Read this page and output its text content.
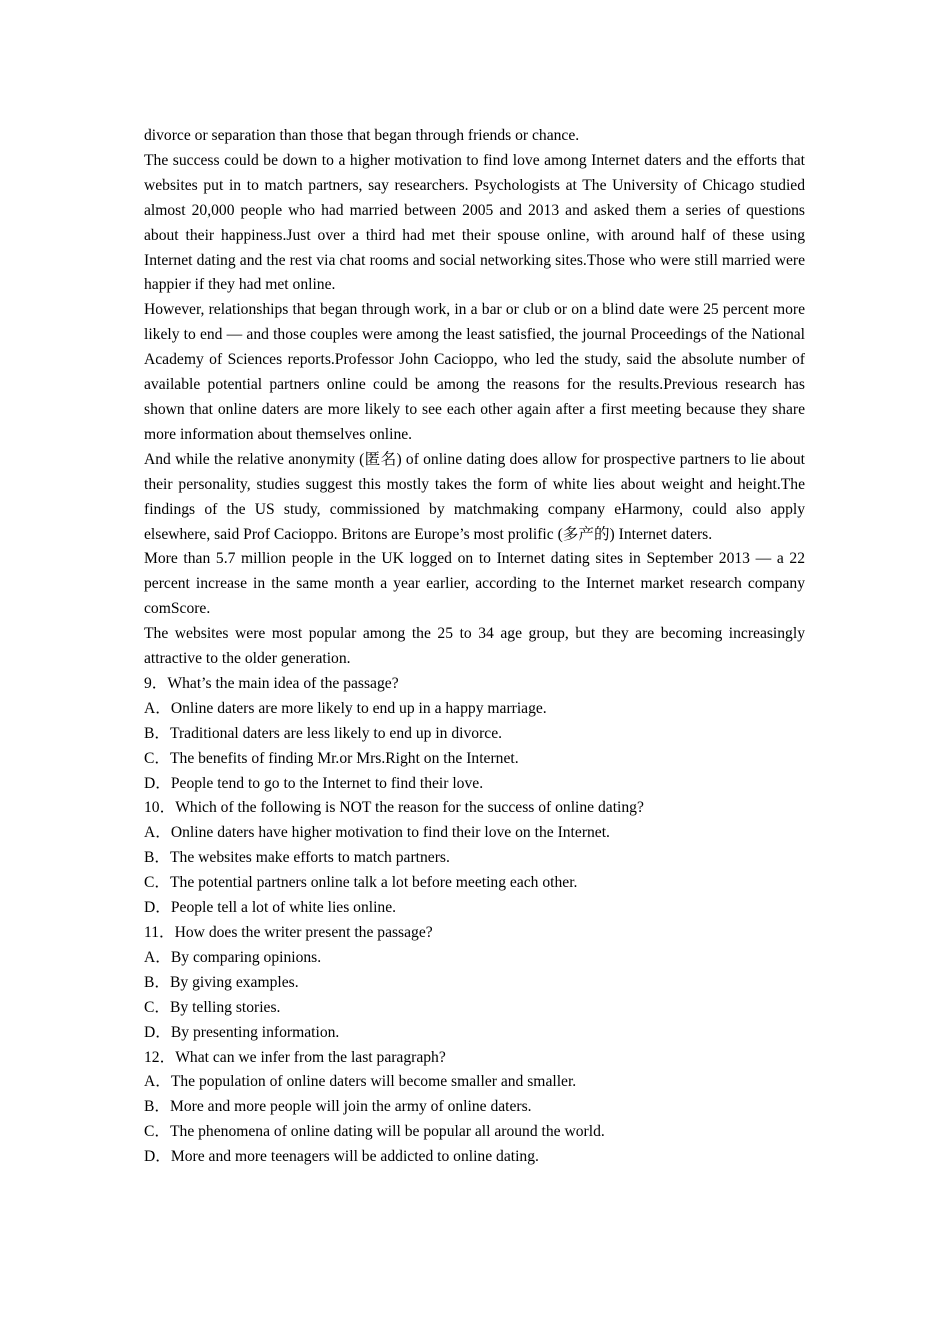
divorce or separation than those that began through friends or chance.

The success could be down to a higher motivation to find love among Internet daters and the efforts that websites put in to match partners, say researchers. Psychologists at The University of Chicago studied almost 20,000 people who had married between 2005 and 2013 and asked them a series of questions about their happiness.Just over a third had met their spouse online, with around half of these using Internet dating and the rest via chat rooms and social networking sites.Those who were still married were happier if they had met online.

However, relationships that began through work, in a bar or club or on a blind date were 25 percent more likely to end — and those couples were among the least satisfied, the journal Proceedings of the National Academy of Sciences reports.Professor John Cacioppo, who led the study, said the absolute number of available potential partners online could be among the reasons for the results.Previous research has shown that online daters are more likely to see each other again after a first meeting because they share more information about themselves online.

And while the relative anonymity (匿名) of online dating does allow for prospective partners to lie about their personality, studies suggest this mostly takes the form of white lies about weight and height.The findings of the US study, commissioned by matchmaking company eHarmony, could also apply elsewhere, said Prof Cacioppo. Britons are Europe’s most prolific (多产的) Internet daters.

More than 5.7 million people in the UK logged on to Internet dating sites in September 2013 — a 22 percent increase in the same month a year earlier, according to the Internet market research company comScore.

The websites were most popular among the 25 to 34 age group, but they are becoming increasingly attractive to the older generation.

9．What’s the main idea of the passage?

A．Online daters are more likely to end up in a happy marriage.

B．Traditional daters are less likely to end up in divorce.

C．The benefits of finding Mr.or Mrs.Right on the Internet.

D．People tend to go to the Internet to find their love.

10．Which of the following is NOT the reason for the success of online dating?

A．Online daters have higher motivation to find their love on the Internet.

B．The websites make efforts to match partners.

C．The potential partners online talk a lot before meeting each other.

D．People tell a lot of white lies online.

11．How does the writer present the passage?

A．By comparing opinions.

B．By giving examples.

C．By telling stories.

D．By presenting information.

12．What can we infer from the last paragraph?

A．The population of online daters will become smaller and smaller.

B．More and more people will join the army of online daters.

C．The phenomena of online dating will be popular all around the world.

D．More and more teenagers will be addicted to online dating.
